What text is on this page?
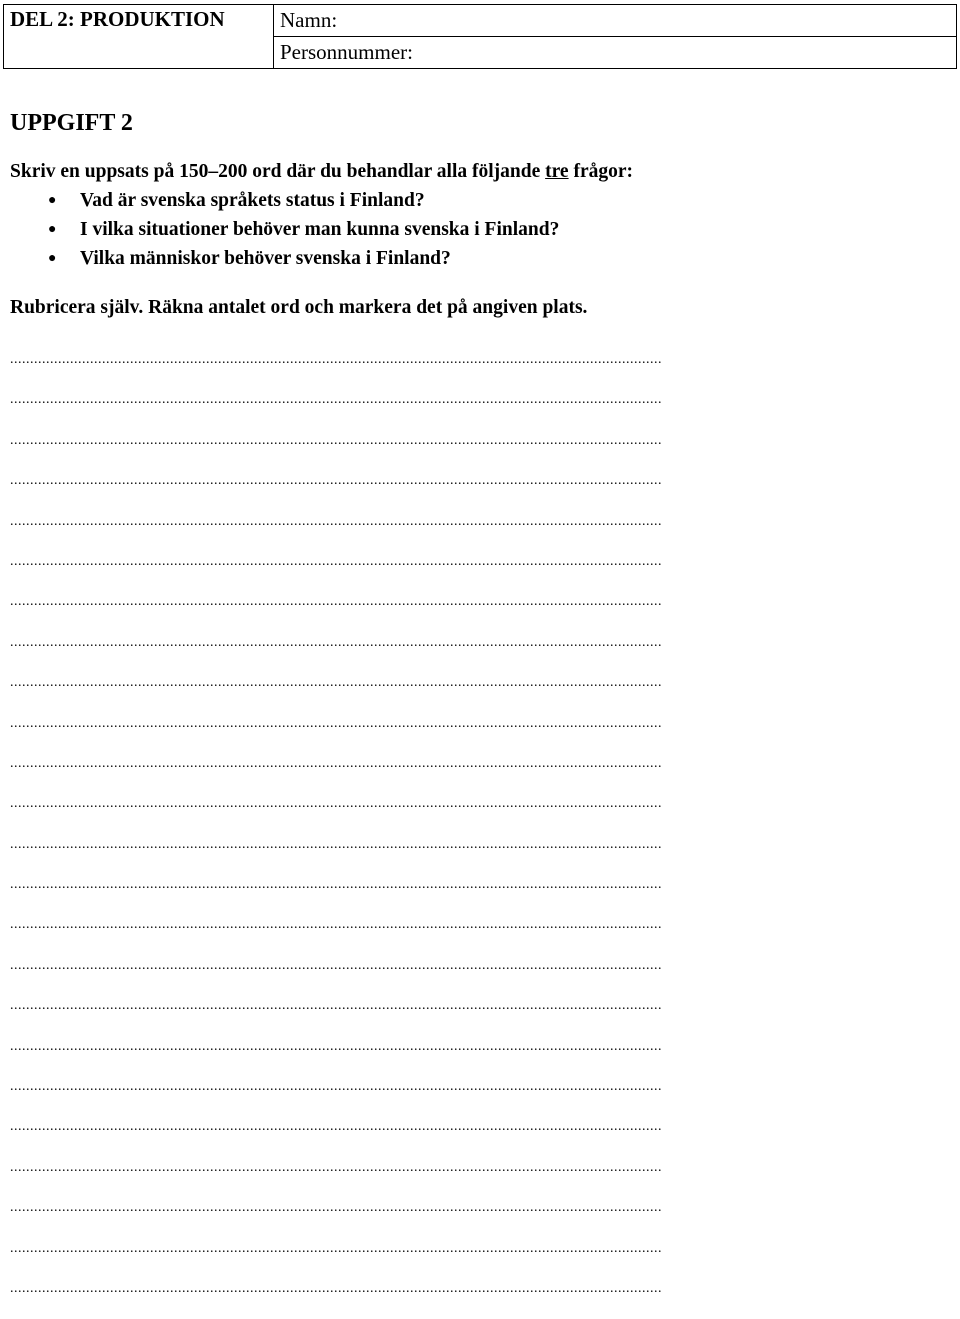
DEL 2: PRODUKTION	Namn:
Personnummer:
UPPGIFT 2

Skriv en uppsats på 150–200 ord där du behandlar alla följande tre frågor:

● Vad är svenska språkets status i Finland?
● I vilka situationer behöver man kunna svenska i Finland?
● Vilka människor behöver svenska i Finland?

Rubricera själv. Räkna antalet ord och markera det på angiven plats.

...................................................................................................................................................................
...................................................................................................................................................................
...................................................................................................................................................................
...................................................................................................................................................................
...................................................................................................................................................................
...................................................................................................................................................................
...................................................................................................................................................................
...................................................................................................................................................................
...................................................................................................................................................................
...................................................................................................................................................................
...................................................................................................................................................................
...................................................................................................................................................................
...................................................................................................................................................................
...................................................................................................................................................................
...................................................................................................................................................................
...................................................................................................................................................................
...................................................................................................................................................................
...................................................................................................................................................................
...................................................................................................................................................................
...................................................................................................................................................................
...................................................................................................................................................................
...................................................................................................................................................................
...................................................................................................................................................................
...................................................................................................................................................................
